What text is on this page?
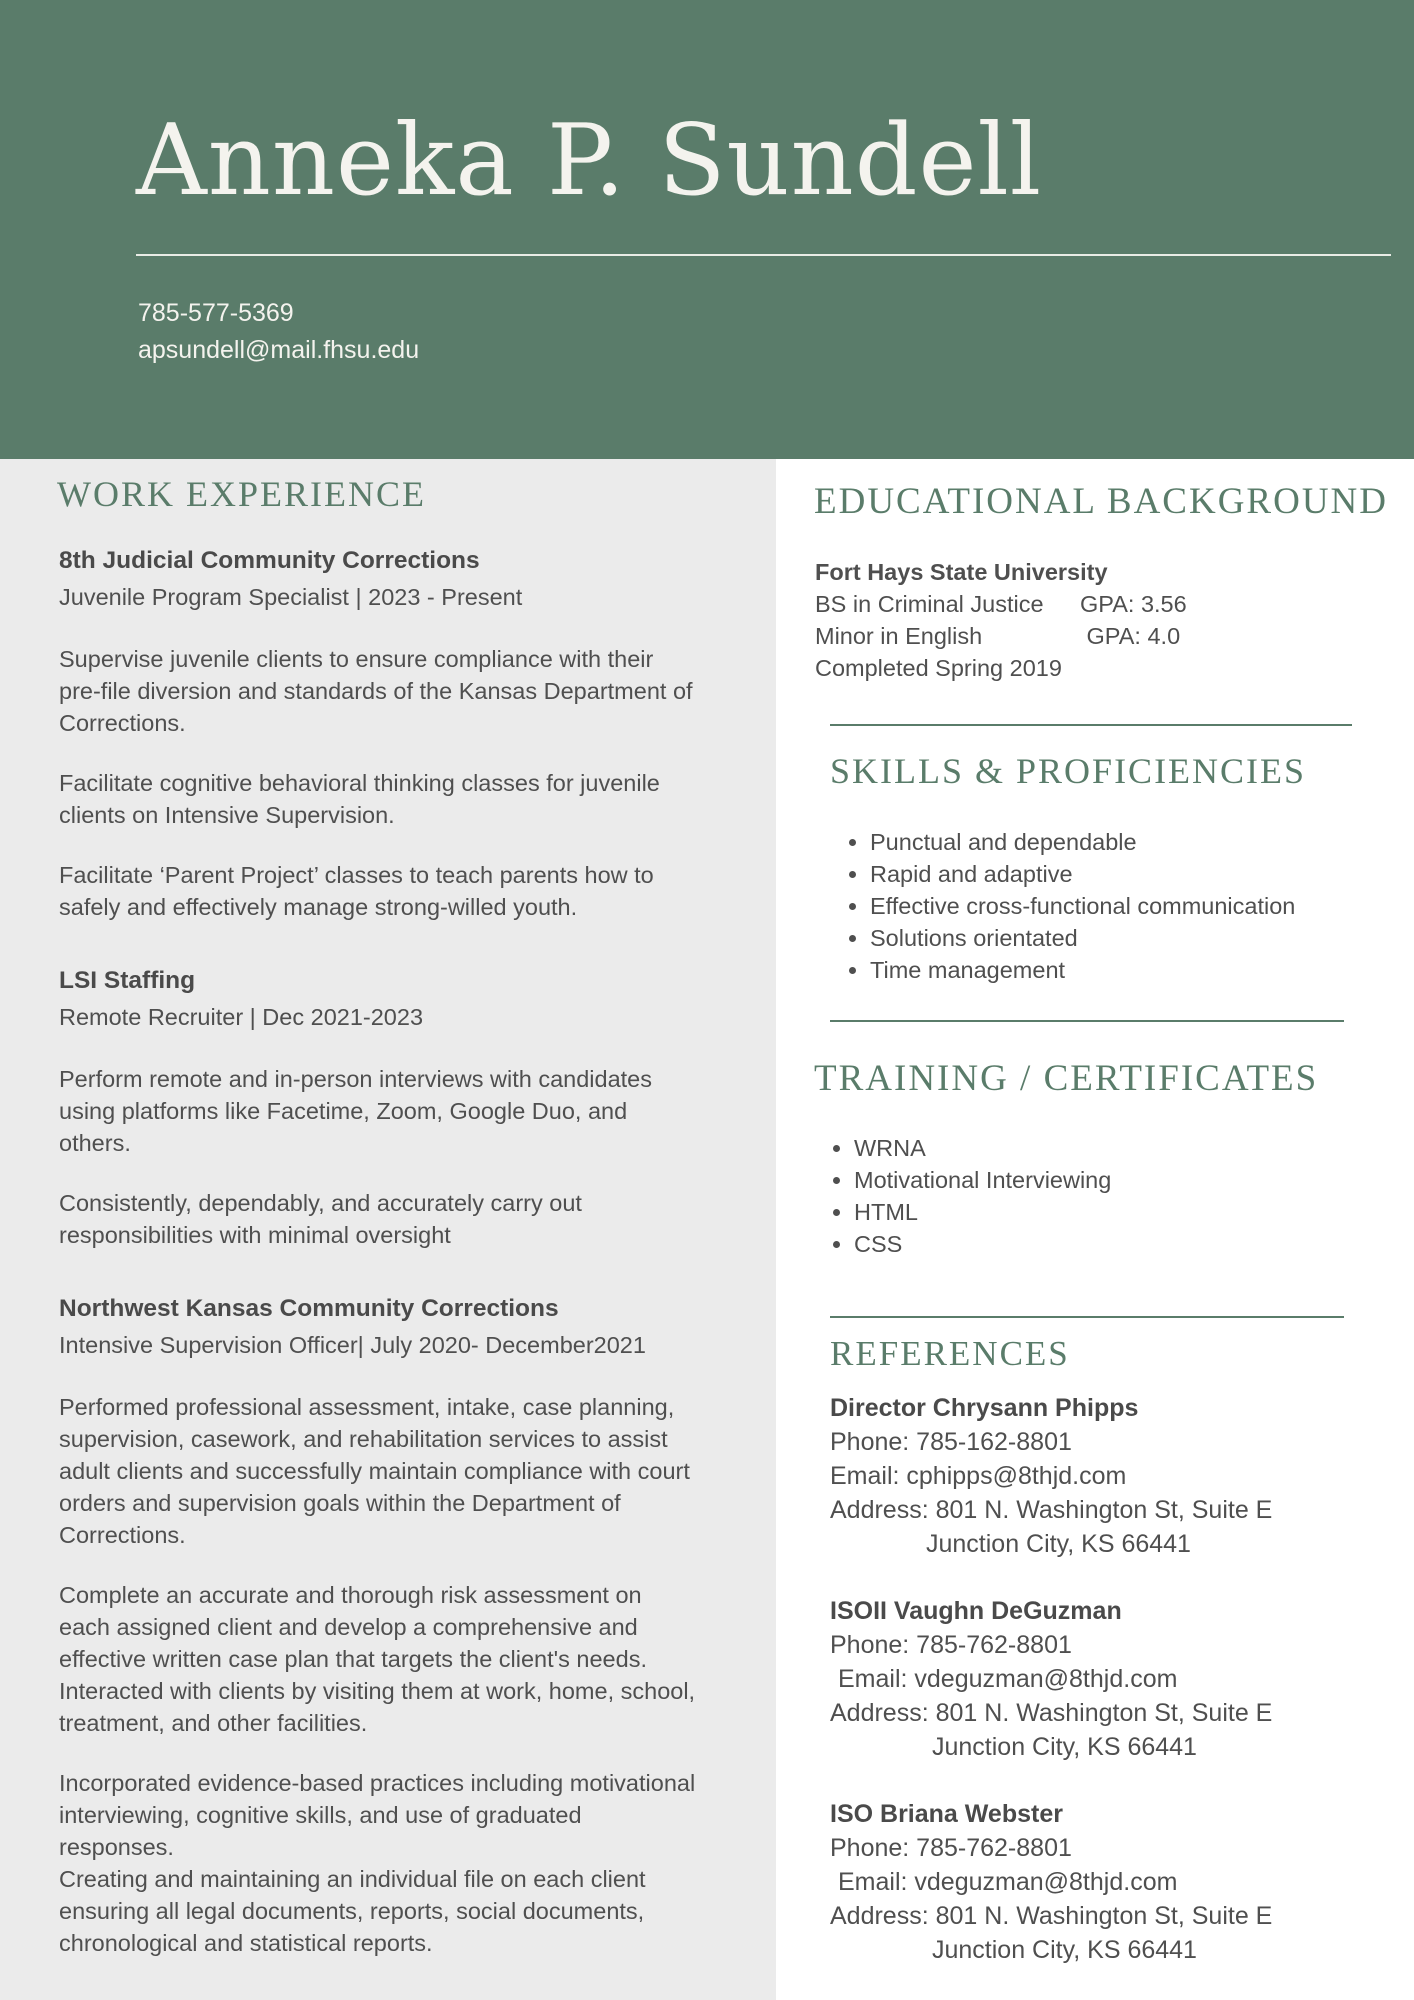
Anneka P. Sundell
785-577-5369
apsundell@mail.fhsu.edu
WORK EXPERIENCE
8th Judicial Community Corrections
Juvenile Program Specialist | 2023 - Present

Supervise juvenile clients to ensure compliance with their pre-file diversion and standards of the Kansas Department of Corrections.

Facilitate cognitive behavioral thinking classes for juvenile clients on Intensive Supervision.

Facilitate ‘Parent Project’ classes to teach parents how to safely and effectively manage strong-willed youth.

LSI Staffing
Remote Recruiter | Dec 2021-2023

Perform remote and in-person interviews with candidates using platforms like Facetime, Zoom, Google Duo, and others.

Consistently, dependably, and accurately carry out responsibilities with minimal oversight

Northwest Kansas Community Corrections
Intensive Supervision Officer| July 2020- December2021

Performed professional assessment, intake, case planning, supervision, casework, and rehabilitation services to assist adult clients and successfully maintain compliance with court orders and supervision goals within the Department of Corrections.

Complete an accurate and thorough risk assessment on each assigned client and develop a comprehensive and effective written case plan that targets the client's needs. Interacted with clients by visiting them at work, home, school, treatment, and other facilities.

Incorporated evidence-based practices including motivational interviewing, cognitive skills, and use of graduated responses.

Creating and maintaining an individual file on each client ensuring all legal documents, reports, social documents, chronological and statistical reports.

EDUCATIONAL BACKGROUND
Fort Hays State University
BS in Criminal Justice	GPA: 3.56
Minor in English	GPA: 4.0
Completed Spring 2019
SKILLS & PROFICIENCIES
• Punctual and dependable
• Rapid and adaptive
• Effective cross-functional communication
• Solutions orientated
• Time management
TRAINING / CERTIFICATES
• WRNA
• Motivational Interviewing
• HTML
• CSS
REFERENCES
Director Chrysann Phipps
Phone: 785-162-8801
Email: cphipps@8thjd.com
Address: 801 N. Washington St, Suite E
Junction City, KS 66441
ISOII Vaughn DeGuzman
Phone: 785-762-8801
Email: vdeguzman@8thjd.com
Address: 801 N. Washington St, Suite E
Junction City, KS 66441
ISO Briana Webster
Phone: 785-762-8801
Email: vdeguzman@8thjd.com
Address: 801 N. Washington St, Suite E
Junction City, KS 66441
